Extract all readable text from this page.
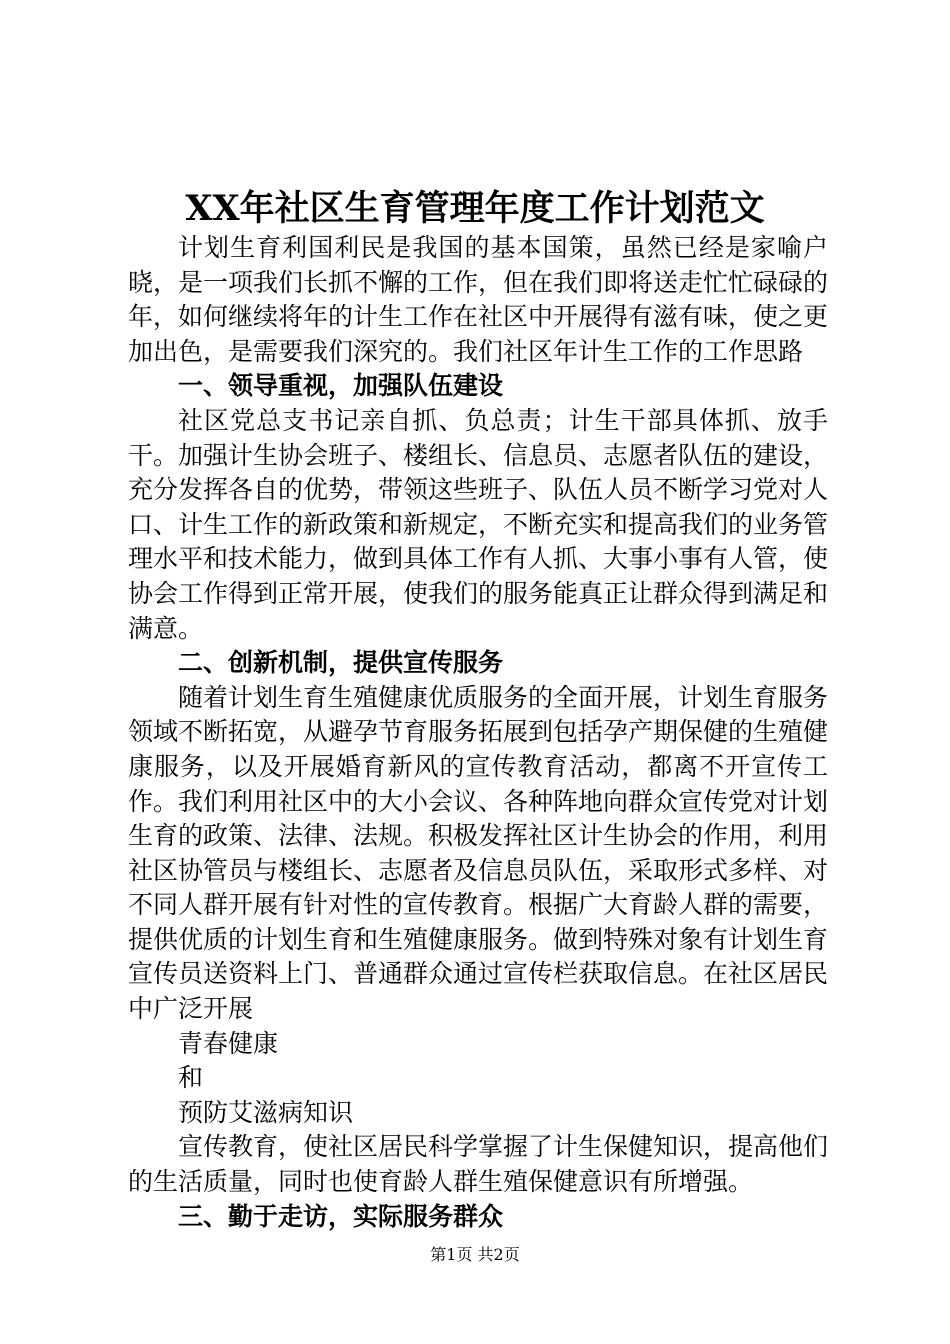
XX年社区生育管理年度工作计划范文

计划生育利国利民是我国的基本国策，虽然已经是家喻户晓，是一项我们长抓不懈的工作，但在我们即将送走忙忙碌碌的年，如何继续将年的计生工作在社区中开展得有滋有味，使之更加出色，是需要我们深究的。我们社区年计生工作的工作思路

一、领导重视，加强队伍建设

社区党总支书记亲自抓、负总责；计生干部具体抓、放手干。加强计生协会班子、楼组长、信息员、志愿者队伍的建设，充分发挥各自的优势，带领这些班子、队伍人员不断学习党对人口、计生工作的新政策和新规定，不断充实和提高我们的业务管理水平和技术能力，做到具体工作有人抓、大事小事有人管，使协会工作得到正常开展，使我们的服务能真正让群众得到满足和满意。

二、创新机制，提供宣传服务

随着计划生育生殖健康优质服务的全面开展，计划生育服务领域不断拓宽，从避孕节育服务拓展到包括孕产期保健的生殖健康服务，以及开展婚育新风的宣传教育活动，都离不开宣传工作。我们利用社区中的大小会议、各种阵地向群众宣传党对计划生育的政策、法律、法规。积极发挥社区计生协会的作用，利用社区协管员与楼组长、志愿者及信息员队伍，采取形式多样、对不同人群开展有针对性的宣传教育。根据广大育龄人群的需要，提供优质的计划生育和生殖健康服务。做到特殊对象有计划生育宣传员送资料上门、普通群众通过宣传栏获取信息。在社区居民中广泛开展

青春健康

和

预防艾滋病知识

宣传教育，使社区居民科学掌握了计生保健知识，提高他们的生活质量，同时也使育龄人群生殖保健意识有所增强。

三、勤于走访，实际服务群众

第1页 共2页
